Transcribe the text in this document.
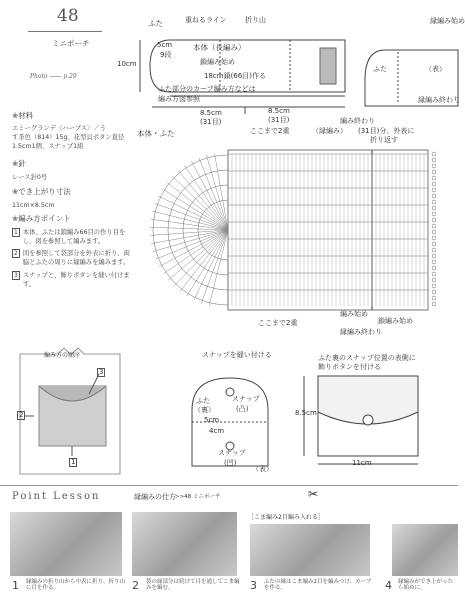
48
ミニポーチ
Photo ―― p.29
❀材料
エミーグランデ〈ハーブス〉／う
す茶色（814）15g、花型貝ボタン直径
1.5cm1個、スナップ1組
❀針
レース針0号
❀でき上がり寸法
11cm×8.5cm
❀編み方ポイント
1 本体、ふたは鎖編み66目の作り目をし、図を参照して編みます。
2 図を参照して袋部分を外表に折り、両脇とふたの周りに縁編みを編みます。
3 スナップと、飾りボタンを縫い付けます。
ふた	重ねるライン	折り山
10cm
5cm
9段
本体（長編み）
鎖編み始め
18cm鎖(66目)作る
ふた部分のカーブ編み方などは
編み方図参照
8.5cm
(31目)
8.5cm
(31目)
ふた	（表）
縁編み始め
縁編み終わり
本体・ふた	ここまで2重	（縁編み）
編み終わり
(31目)分、外表に
折り返す
ここまで2重
編み始め
鎖編み始め
縁編み終わり
編み方の順序
2
3
1
スナップを縫い付ける
ふた
（裏）
スナップ
(凸)
5cm
4cm
スナップ
(凹)
（表）
ふた裏のスナップ位置の表側に
飾りボタンを付ける
8.5cm
11cm
Point Lesson	縁編みの仕方 >>48 ミニポーチ
［こま編み2目編み入れる］
✂
1 縁編みの折り山から中表に折り、折り山に目を作る。	2 袋の縁部分は続けて目を通してこま編みを編む。	3 ふたの縁はこま編み2目を編みつけ、カーブを作る。	4 縁編みができ上がったら始めに。
